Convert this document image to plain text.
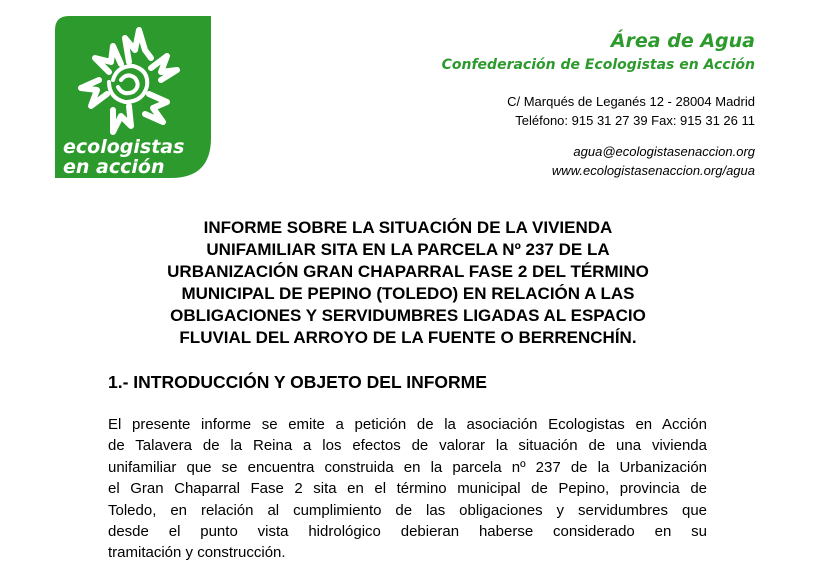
ecologistas
en acción
Área de Agua
Confederación de Ecologistas en Acción
C/ Marqués de Leganés 12 - 28004 Madrid
Teléfono: 915 31 27 39 Fax: 915 31 26 11
agua@ecologistasenaccion.org
www.ecologistasenaccion.org/agua
INFORME SOBRE LA SITUACIÓN DE LA VIVIENDA
UNIFAMILIAR SITA EN LA PARCELA Nº 237 DE LA
URBANIZACIÓN GRAN CHAPARRAL FASE 2 DEL TÉRMINO
MUNICIPAL DE PEPINO (TOLEDO) EN RELACIÓN A LAS
OBLIGACIONES Y SERVIDUMBRES LIGADAS AL ESPACIO
FLUVIAL DEL ARROYO DE LA FUENTE O BERRENCHÍN.
1.- INTRODUCCIÓN Y OBJETO DEL INFORME
El presente informe se emite a petición de la asociación Ecologistas en Acción
de Talavera de la Reina a los efectos de valorar la situación de una vivienda
unifamiliar que se encuentra construida en la parcela nº 237 de la Urbanización
el Gran Chaparral Fase 2 sita en el término municipal de Pepino, provincia de
Toledo, en relación al cumplimiento de las obligaciones y servidumbres que
desde el punto vista hidrológico debieran haberse considerado en su
tramitación y construcción.
